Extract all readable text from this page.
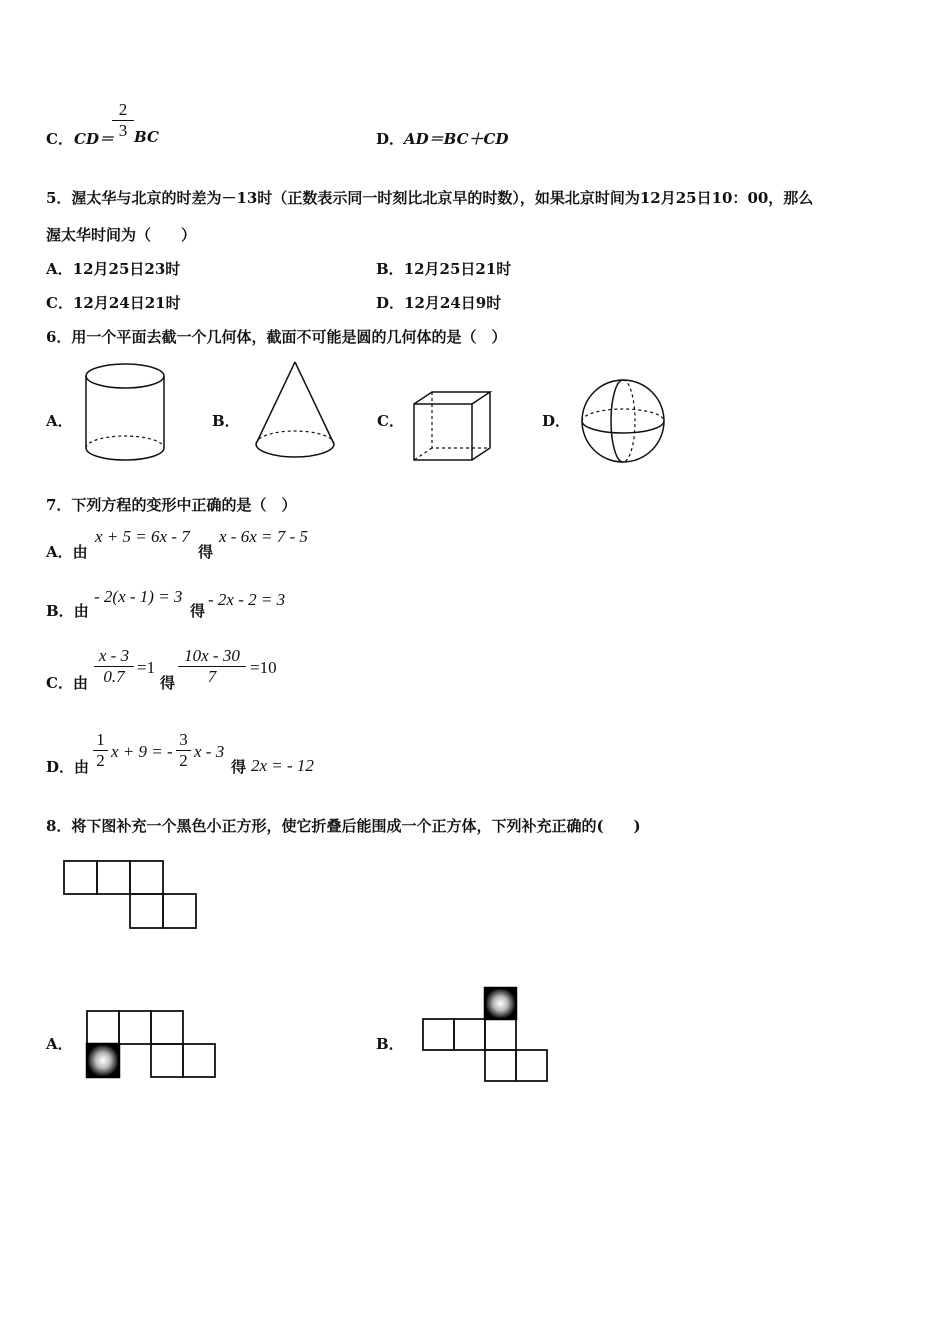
C． CD＝
$\frac{2}{3}$ BC	D． AD＝BC＋CD
5．渥太华与北京的时差为－13时（正数表示同一时刻比北京早的时数），如果北京时间为12月25日10：00，那么
渥太华时间为（　　）
A．12月25日23时	B．12月25日21时
C．12月24日21时	D．12月24日9时
6．用一个平面去截一个几何体，截面不可能是圆的几何体的是（　）
A．	B．	C．	D．
7．下列方程的变形中正确的是（　）
A．由
x + 5 = 6x - 7
得
x - 6x = 7 - 5
B．由
- 2(x - 1) = 3
得
- 2x - 2 = 3
C．由 $\frac{x - 3}{0.7} =1$
得 $\frac{10x - 30}{7} =10$
D．由 $\frac{1}{2}$ x + 9 = - $\frac{3}{2}$ x - 3
得 2x = - 12
8．将下图补充一个黑色小正方形，使它折叠后能围成一个正方体，下列补充正确的(　　)
A．	B．
